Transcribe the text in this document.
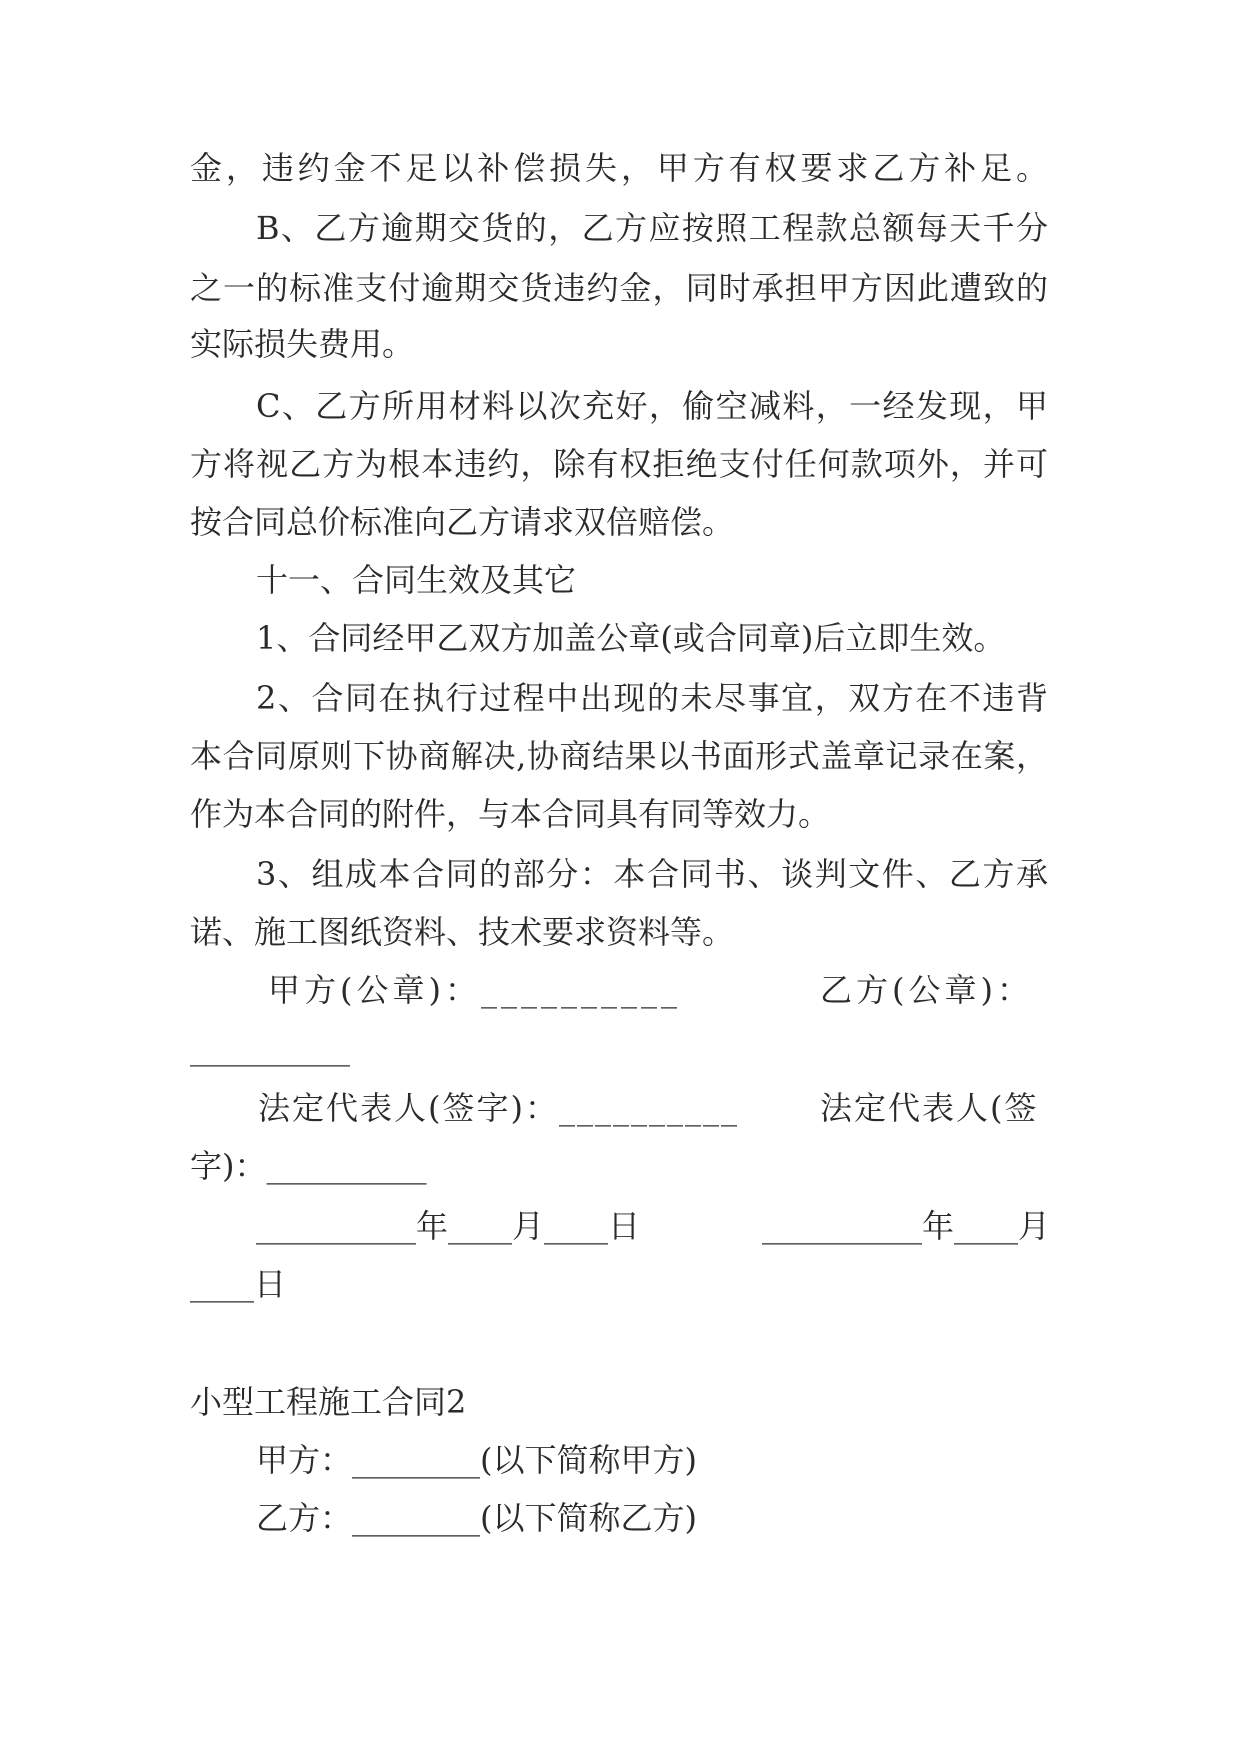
金，违约金不足以补偿损失，甲方有权要求乙方补足。
B、乙方逾期交货的，乙方应按照工程款总额每天千分
之一的标准支付逾期交货违约金，同时承担甲方因此遭致的
实际损失费用。
C、乙方所用材料以次充好，偷空减料，一经发现，甲
方将视乙方为根本违约，除有权拒绝支付任何款项外，并可
按合同总价标准向乙方请求双倍赔偿。
十一、合同生效及其它
1、合同经甲乙双方加盖公章(或合同章)后立即生效。
2、合同在执行过程中出现的未尽事宜，双方在不违背
本合同原则下协商解决,协商结果以书面形式盖章记录在案，
作为本合同的附件，与本合同具有同等效力。
3、组成本合同的部分：本合同书、谈判文件、乙方承
诺、施工图纸资料、技术要求资料等。
甲方(公章)：__________	乙方(公章)：
__________
法定代表人(签字)：__________	法定代表人(签
字)：__________
__________年____月____日	__________年____月
____日
小型工程施工合同2
甲方：________(以下简称甲方)
乙方：________(以下简称乙方)
